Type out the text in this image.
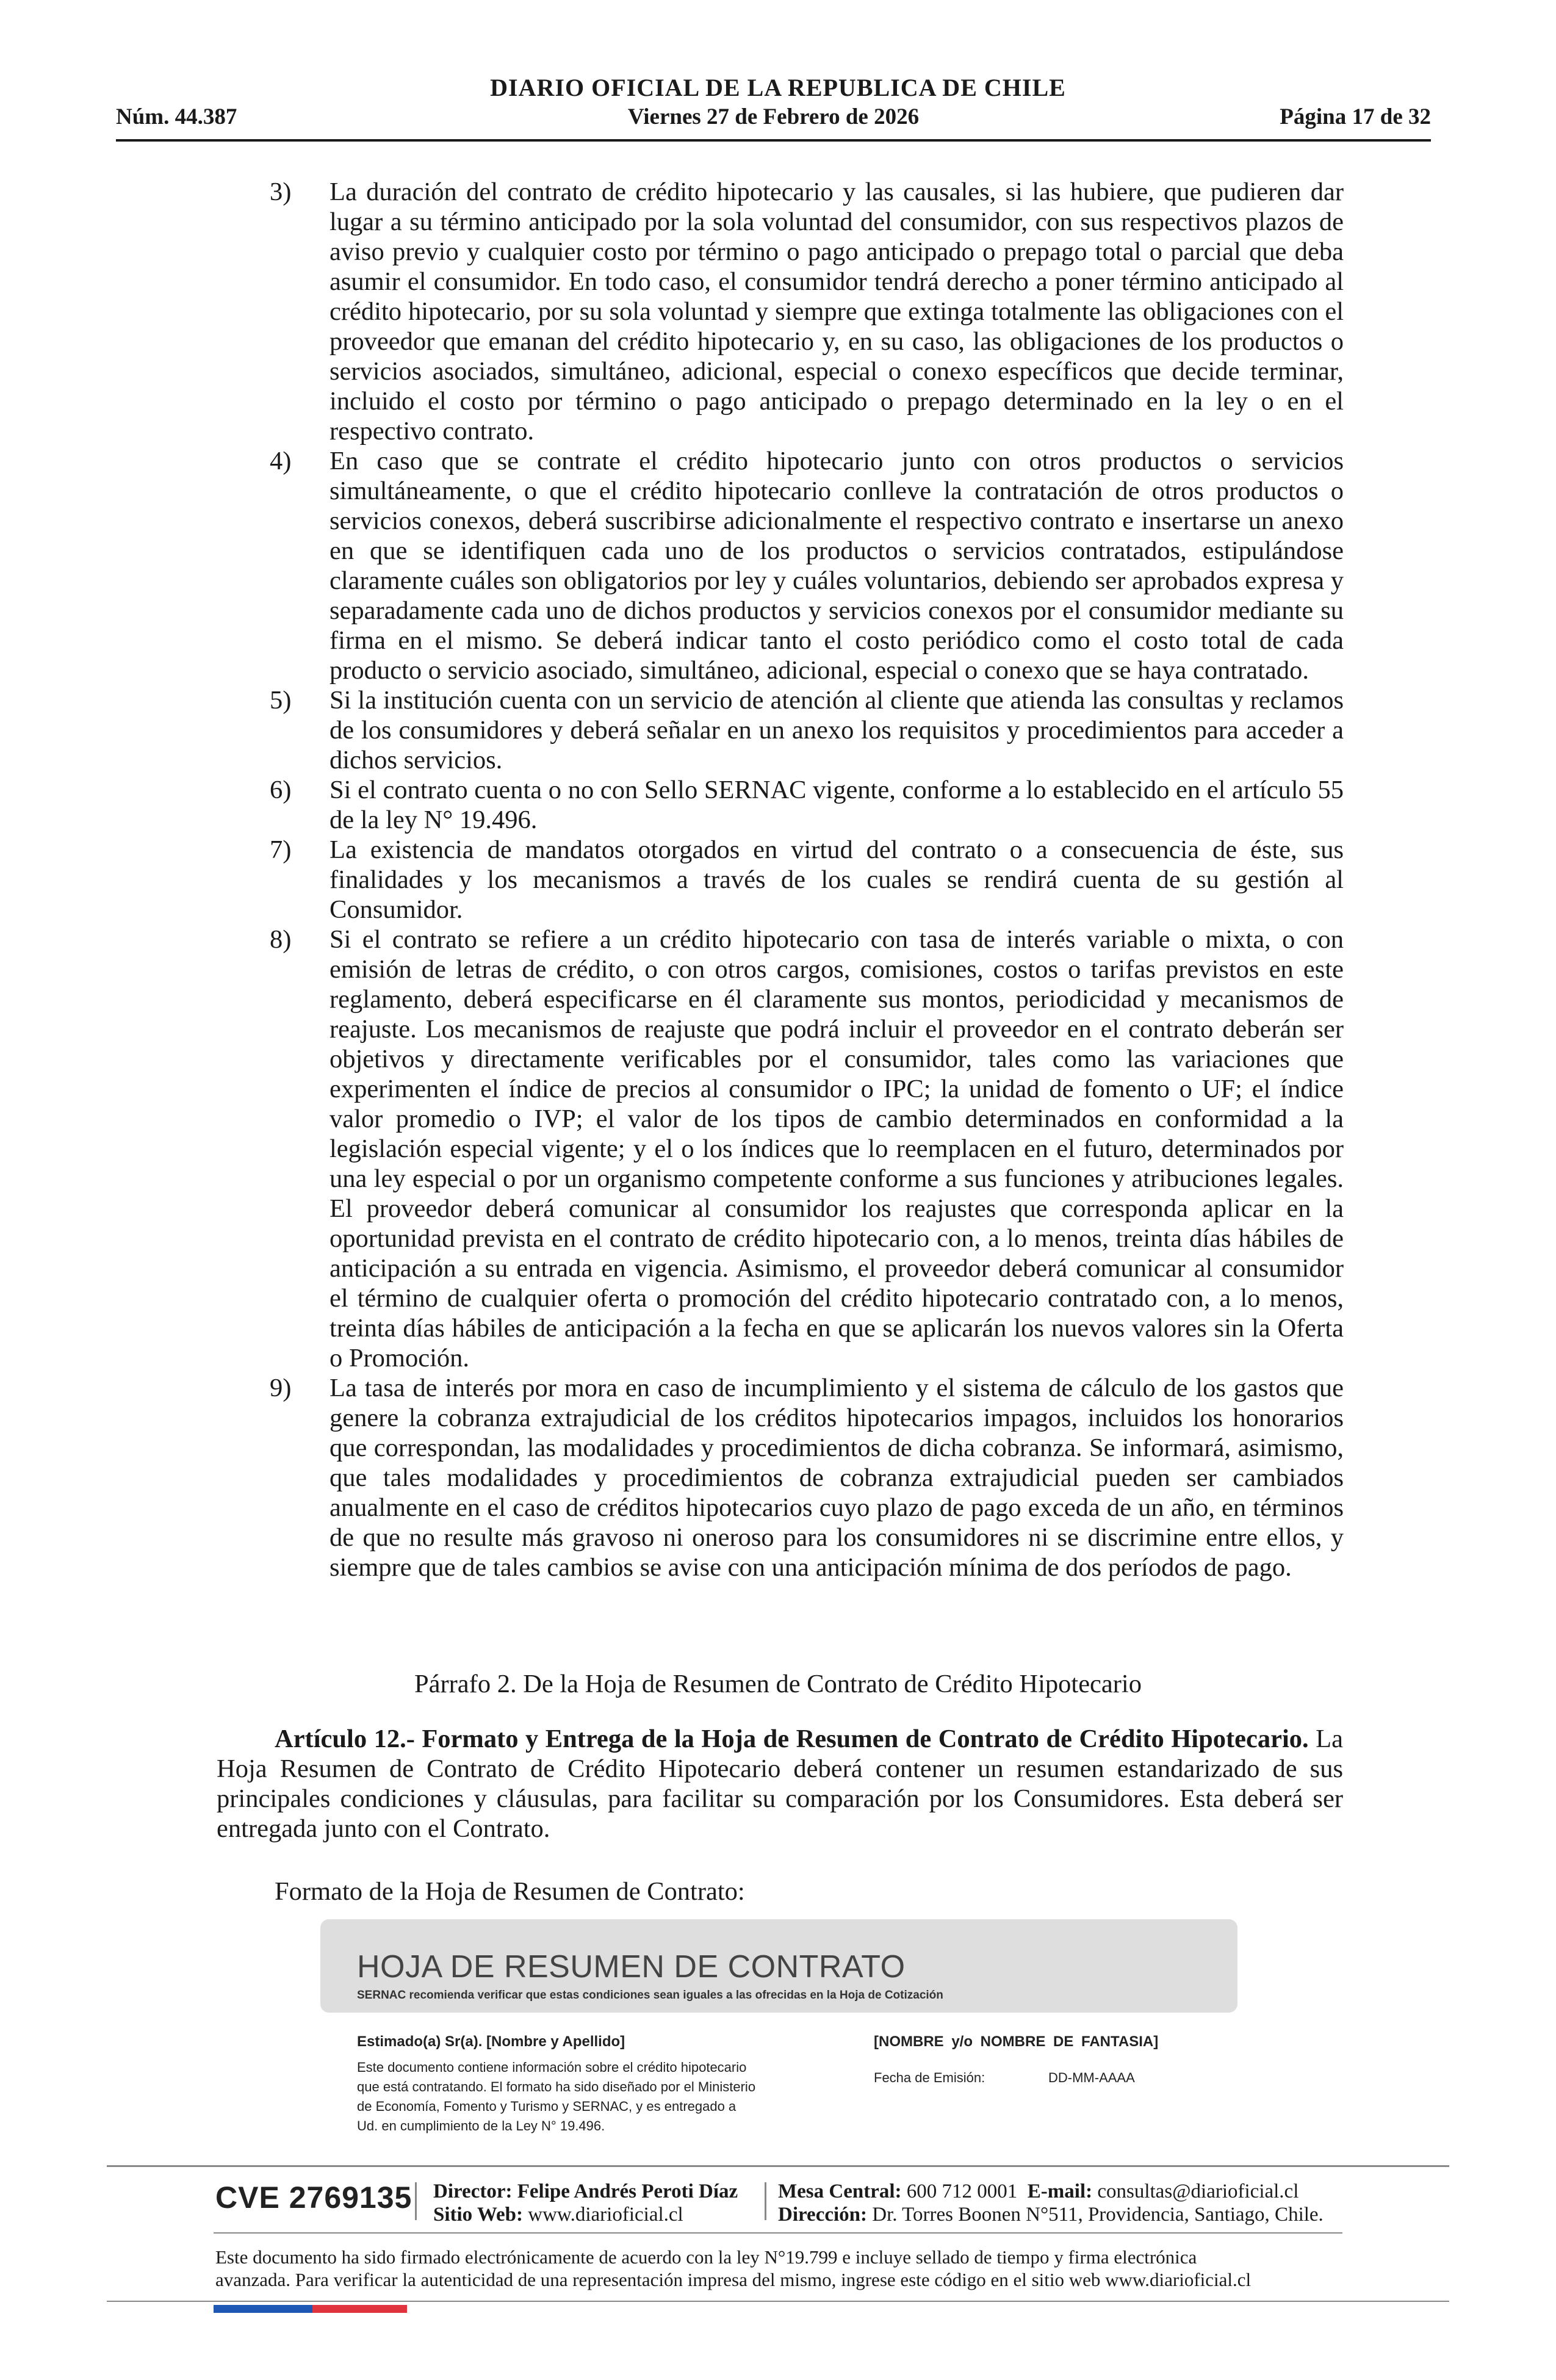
DIARIO OFICIAL DE LA REPUBLICA DE CHILE
Núm. 44.387	Viernes 27 de Febrero de 2026	Página 17 de 32
3) La duración del contrato de crédito hipotecario y las causales, si las hubiere, que pudieren dar lugar a su término anticipado por la sola voluntad del consumidor, con sus respectivos plazos de aviso previo y cualquier costo por término o pago anticipado o prepago total o parcial que deba asumir el consumidor. En todo caso, el consumidor tendrá derecho a poner término anticipado al crédito hipotecario, por su sola voluntad y siempre que extinga totalmente las obligaciones con el proveedor que emanan del crédito hipotecario y, en su caso, las obligaciones de los productos o servicios asociados, simultáneo, adicional, especial o conexo específicos que decide terminar, incluido el costo por término o pago anticipado o prepago determinado en la ley o en el respectivo contrato.
4) En caso que se contrate el crédito hipotecario junto con otros productos o servicios simultáneamente, o que el crédito hipotecario conlleve la contratación de otros productos o servicios conexos, deberá suscribirse adicionalmente el respectivo contrato e insertarse un anexo en que se identifiquen cada uno de los productos o servicios contratados, estipulándose claramente cuáles son obligatorios por ley y cuáles voluntarios, debiendo ser aprobados expresa y separadamente cada uno de dichos productos y servicios conexos por el consumidor mediante su firma en el mismo. Se deberá indicar tanto el costo periódico como el costo total de cada producto o servicio asociado, simultáneo, adicional, especial o conexo que se haya contratado.
5) Si la institución cuenta con un servicio de atención al cliente que atienda las consultas y reclamos de los consumidores y deberá señalar en un anexo los requisitos y procedimientos para acceder a dichos servicios.
6) Si el contrato cuenta o no con Sello SERNAC vigente, conforme a lo establecido en el artículo 55 de la ley N° 19.496.
7) La existencia de mandatos otorgados en virtud del contrato o a consecuencia de éste, sus finalidades y los mecanismos a través de los cuales se rendirá cuenta de su gestión al Consumidor.
8) Si el contrato se refiere a un crédito hipotecario con tasa de interés variable o mixta, o con emisión de letras de crédito, o con otros cargos, comisiones, costos o tarifas previstos en este reglamento, deberá especificarse en él claramente sus montos, periodicidad y mecanismos de reajuste. Los mecanismos de reajuste que podrá incluir el proveedor en el contrato deberán ser objetivos y directamente verificables por el consumidor, tales como las variaciones que experimenten el índice de precios al consumidor o IPC; la unidad de fomento o UF; el índice valor promedio o IVP; el valor de los tipos de cambio determinados en conformidad a la legislación especial vigente; y el o los índices que lo reemplacen en el futuro, determinados por una ley especial o por un organismo competente conforme a sus funciones y atribuciones legales. El proveedor deberá comunicar al consumidor los reajustes que corresponda aplicar en la oportunidad prevista en el contrato de crédito hipotecario con, a lo menos, treinta días hábiles de anticipación a su entrada en vigencia. Asimismo, el proveedor deberá comunicar al consumidor el término de cualquier oferta o promoción del crédito hipotecario contratado con, a lo menos, treinta días hábiles de anticipación a la fecha en que se aplicarán los nuevos valores sin la Oferta o Promoción.
9) La tasa de interés por mora en caso de incumplimiento y el sistema de cálculo de los gastos que genere la cobranza extrajudicial de los créditos hipotecarios impagos, incluidos los honorarios que correspondan, las modalidades y procedimientos de dicha cobranza. Se informará, asimismo, que tales modalidades y procedimientos de cobranza extrajudicial pueden ser cambiados anualmente en el caso de créditos hipotecarios cuyo plazo de pago exceda de un año, en términos de que no resulte más gravoso ni oneroso para los consumidores ni se discrimine entre ellos, y siempre que de tales cambios se avise con una anticipación mínima de dos períodos de pago.
Párrafo 2. De la Hoja de Resumen de Contrato de Crédito Hipotecario

Artículo 12.- Formato y Entrega de la Hoja de Resumen de Contrato de Crédito Hipotecario. La Hoja Resumen de Contrato de Crédito Hipotecario deberá contener un resumen estandarizado de sus principales condiciones y cláusulas, para facilitar su comparación por los Consumidores. Esta deberá ser entregada junto con el Contrato.

Formato de la Hoja de Resumen de Contrato:
HOJA DE RESUMEN DE CONTRATO
SERNAC recomienda verificar que estas condiciones sean iguales a las ofrecidas en la Hoja de Cotización
Estimado(a) Sr(a). [Nombre y Apellido]
Este documento contiene información sobre el crédito hipotecario
que está contratando. El formato ha sido diseñado por el Ministerio
de Economía, Fomento y Turismo y SERNAC, y es entregado a
Ud. en cumplimiento de la Ley N° 19.496.
[NOMBRE y/o NOMBRE DE FANTASIA]
Fecha de Emisión:	DD-MM-AAAA
CVE 2769135 Director: Felipe Andrés Peroti Díaz
Sitio Web: www.diarioficial.cl
Mesa Central: 600 712 0001 E-mail: consultas@diarioficial.cl
Dirección: Dr. Torres Boonen N°511, Providencia, Santiago, Chile.
Este documento ha sido firmado electrónicamente de acuerdo con la ley N°19.799 e incluye sellado de tiempo y firma electrónica
avanzada. Para verificar la autenticidad de una representación impresa del mismo, ingrese este código en el sitio web www.diarioficial.cl
